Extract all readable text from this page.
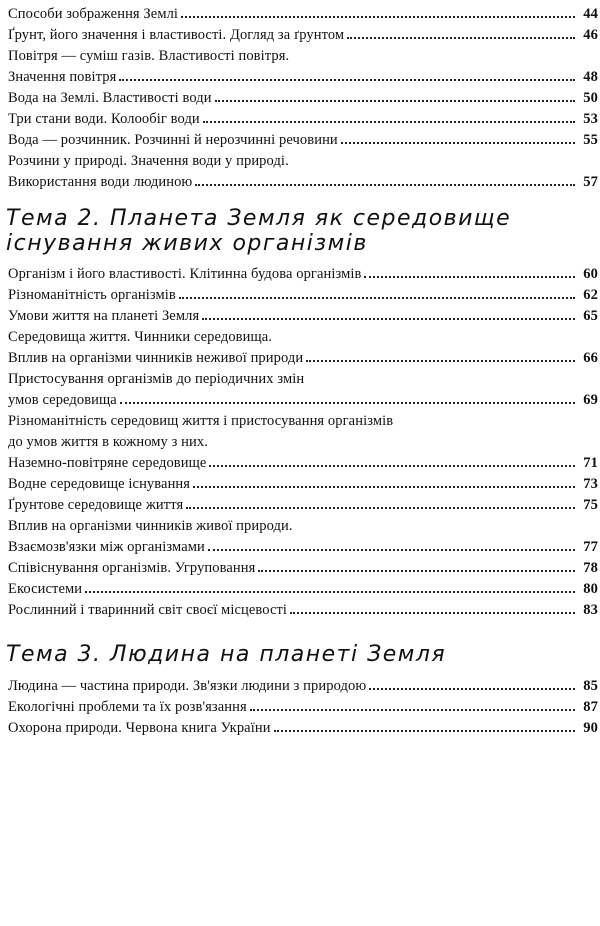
Способи зображення Землі	44
Ґрунт, його значення і властивості. Догляд за ґрунтом	46
Повітря — суміш газів. Властивості повітря.
Значення повітря	48
Вода на Землі. Властивості води	50
Три стани води. Колообіг води	53
Вода — розчинник. Розчинні й нерозчинні речовини	55
Розчини у природі. Значення води у природі.
Використання води людиною	57
Тема 2. Планета Земля як середовище
існування живих організмів
Організм і його властивості. Клітинна будова організмів	60
Різноманітність організмів	62
Умови життя на планеті Земля	65
Середовища життя. Чинники середовища.
Вплив на організми чинників неживої природи	66
Пристосування організмів до періодичних змін
умов середовища	69
Різноманітність середовищ життя і пристосування організмів
до умов життя в кожному з них.
Наземно-повітряне середовище	71
Водне середовище існування	73
Ґрунтове середовище життя	75
Вплив на організми чинників живої природи.
Взаємозв'язки між організмами	77
Співіснування організмів. Угруповання	78
Екосистеми	80
Рослинний і тваринний світ своєї місцевості	83
Тема 3. Людина на планеті Земля
Людина — частина природи. Зв'язки людини з природою	85
Екологічні проблеми та їх розв'язання	87
Охорона природи. Червона книга України	90
